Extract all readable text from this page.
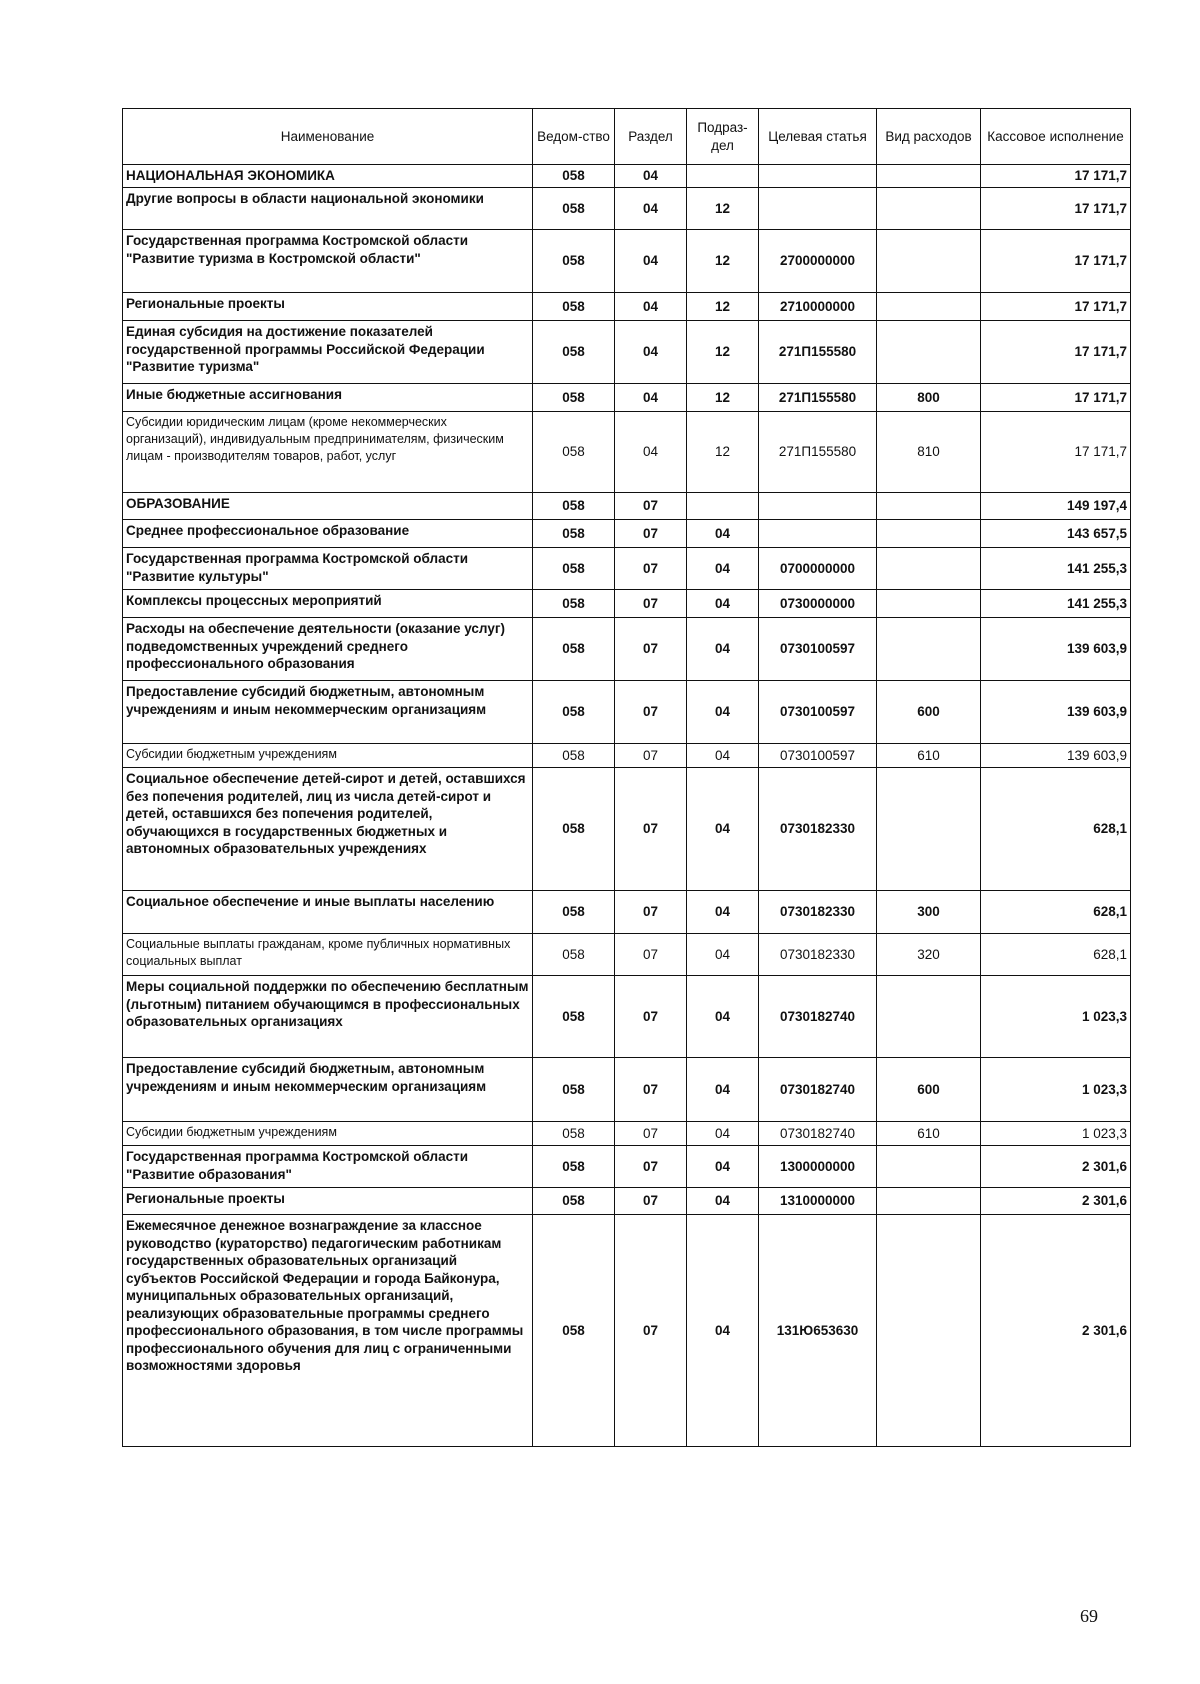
Наименование	Ведом-ство	Раздел	Подраз-дел	Целевая статья	Вид расходов	Кассовое исполнение
НАЦИОНАЛЬНАЯ ЭКОНОМИКА	058	04				17 171,7
Другие вопросы в области национальной экономики	058	04	12			17 171,7
Государственная программа Костромской области "Развитие туризма в Костромской области"	058	04	12	2700000000		17 171,7
Региональные проекты	058	04	12	2710000000		17 171,7
Единая субсидия на достижение показателей государственной программы Российской Федерации "Развитие туризма"	058	04	12	271П155580		17 171,7
Иные бюджетные ассигнования	058	04	12	271П155580	800	17 171,7
Субсидии юридическим лицам (кроме некоммерческих организаций), индивидуальным предпринимателям, физическим лицам - производителям товаров, работ, услуг	058	04	12	271П155580	810	17 171,7
ОБРАЗОВАНИЕ	058	07				149 197,4
Среднее профессиональное образование	058	07	04			143 657,5
Государственная программа Костромской области "Развитие культуры"	058	07	04	0700000000		141 255,3
Комплексы процессных мероприятий	058	07	04	0730000000		141 255,3
Расходы на обеспечение деятельности (оказание услуг) подведомственных учреждений среднего профессионального образования	058	07	04	0730100597		139 603,9
Предоставление субсидий бюджетным, автономным учреждениям и иным некоммерческим организациям	058	07	04	0730100597	600	139 603,9
Субсидии бюджетным учреждениям	058	07	04	0730100597	610	139 603,9
Социальное обеспечение детей-сирот и детей, оставшихся без попечения родителей, лиц из числа детей-сирот и детей, оставшихся без попечения родителей, обучающихся в государственных бюджетных и автономных образовательных учреждениях	058	07	04	0730182330		628,1
Социальное обеспечение и иные выплаты населению	058	07	04	0730182330	300	628,1
Социальные выплаты гражданам, кроме публичных нормативных социальных выплат	058	07	04	0730182330	320	628,1
Меры социальной поддержки по обеспечению бесплатным (льготным) питанием обучающимся в профессиональных образовательных организациях	058	07	04	0730182740		1 023,3
Предоставление субсидий бюджетным, автономным учреждениям и иным некоммерческим организациям	058	07	04	0730182740	600	1 023,3
Субсидии бюджетным учреждениям	058	07	04	0730182740	610	1 023,3
Государственная программа Костромской области "Развитие образования"	058	07	04	1300000000		2 301,6
Региональные проекты	058	07	04	1310000000		2 301,6
Ежемесячное денежное вознаграждение за классное руководство (кураторство) педагогическим работникам государственных образовательных организаций субъектов Российской Федерации и города Байконура, муниципальных образовательных организаций, реализующих образовательные программы среднего профессионального образования, в том числе программы профессионального обучения для лиц с ограниченными возможностями здоровья	058	07	04	131Ю653630		2 301,6
69
